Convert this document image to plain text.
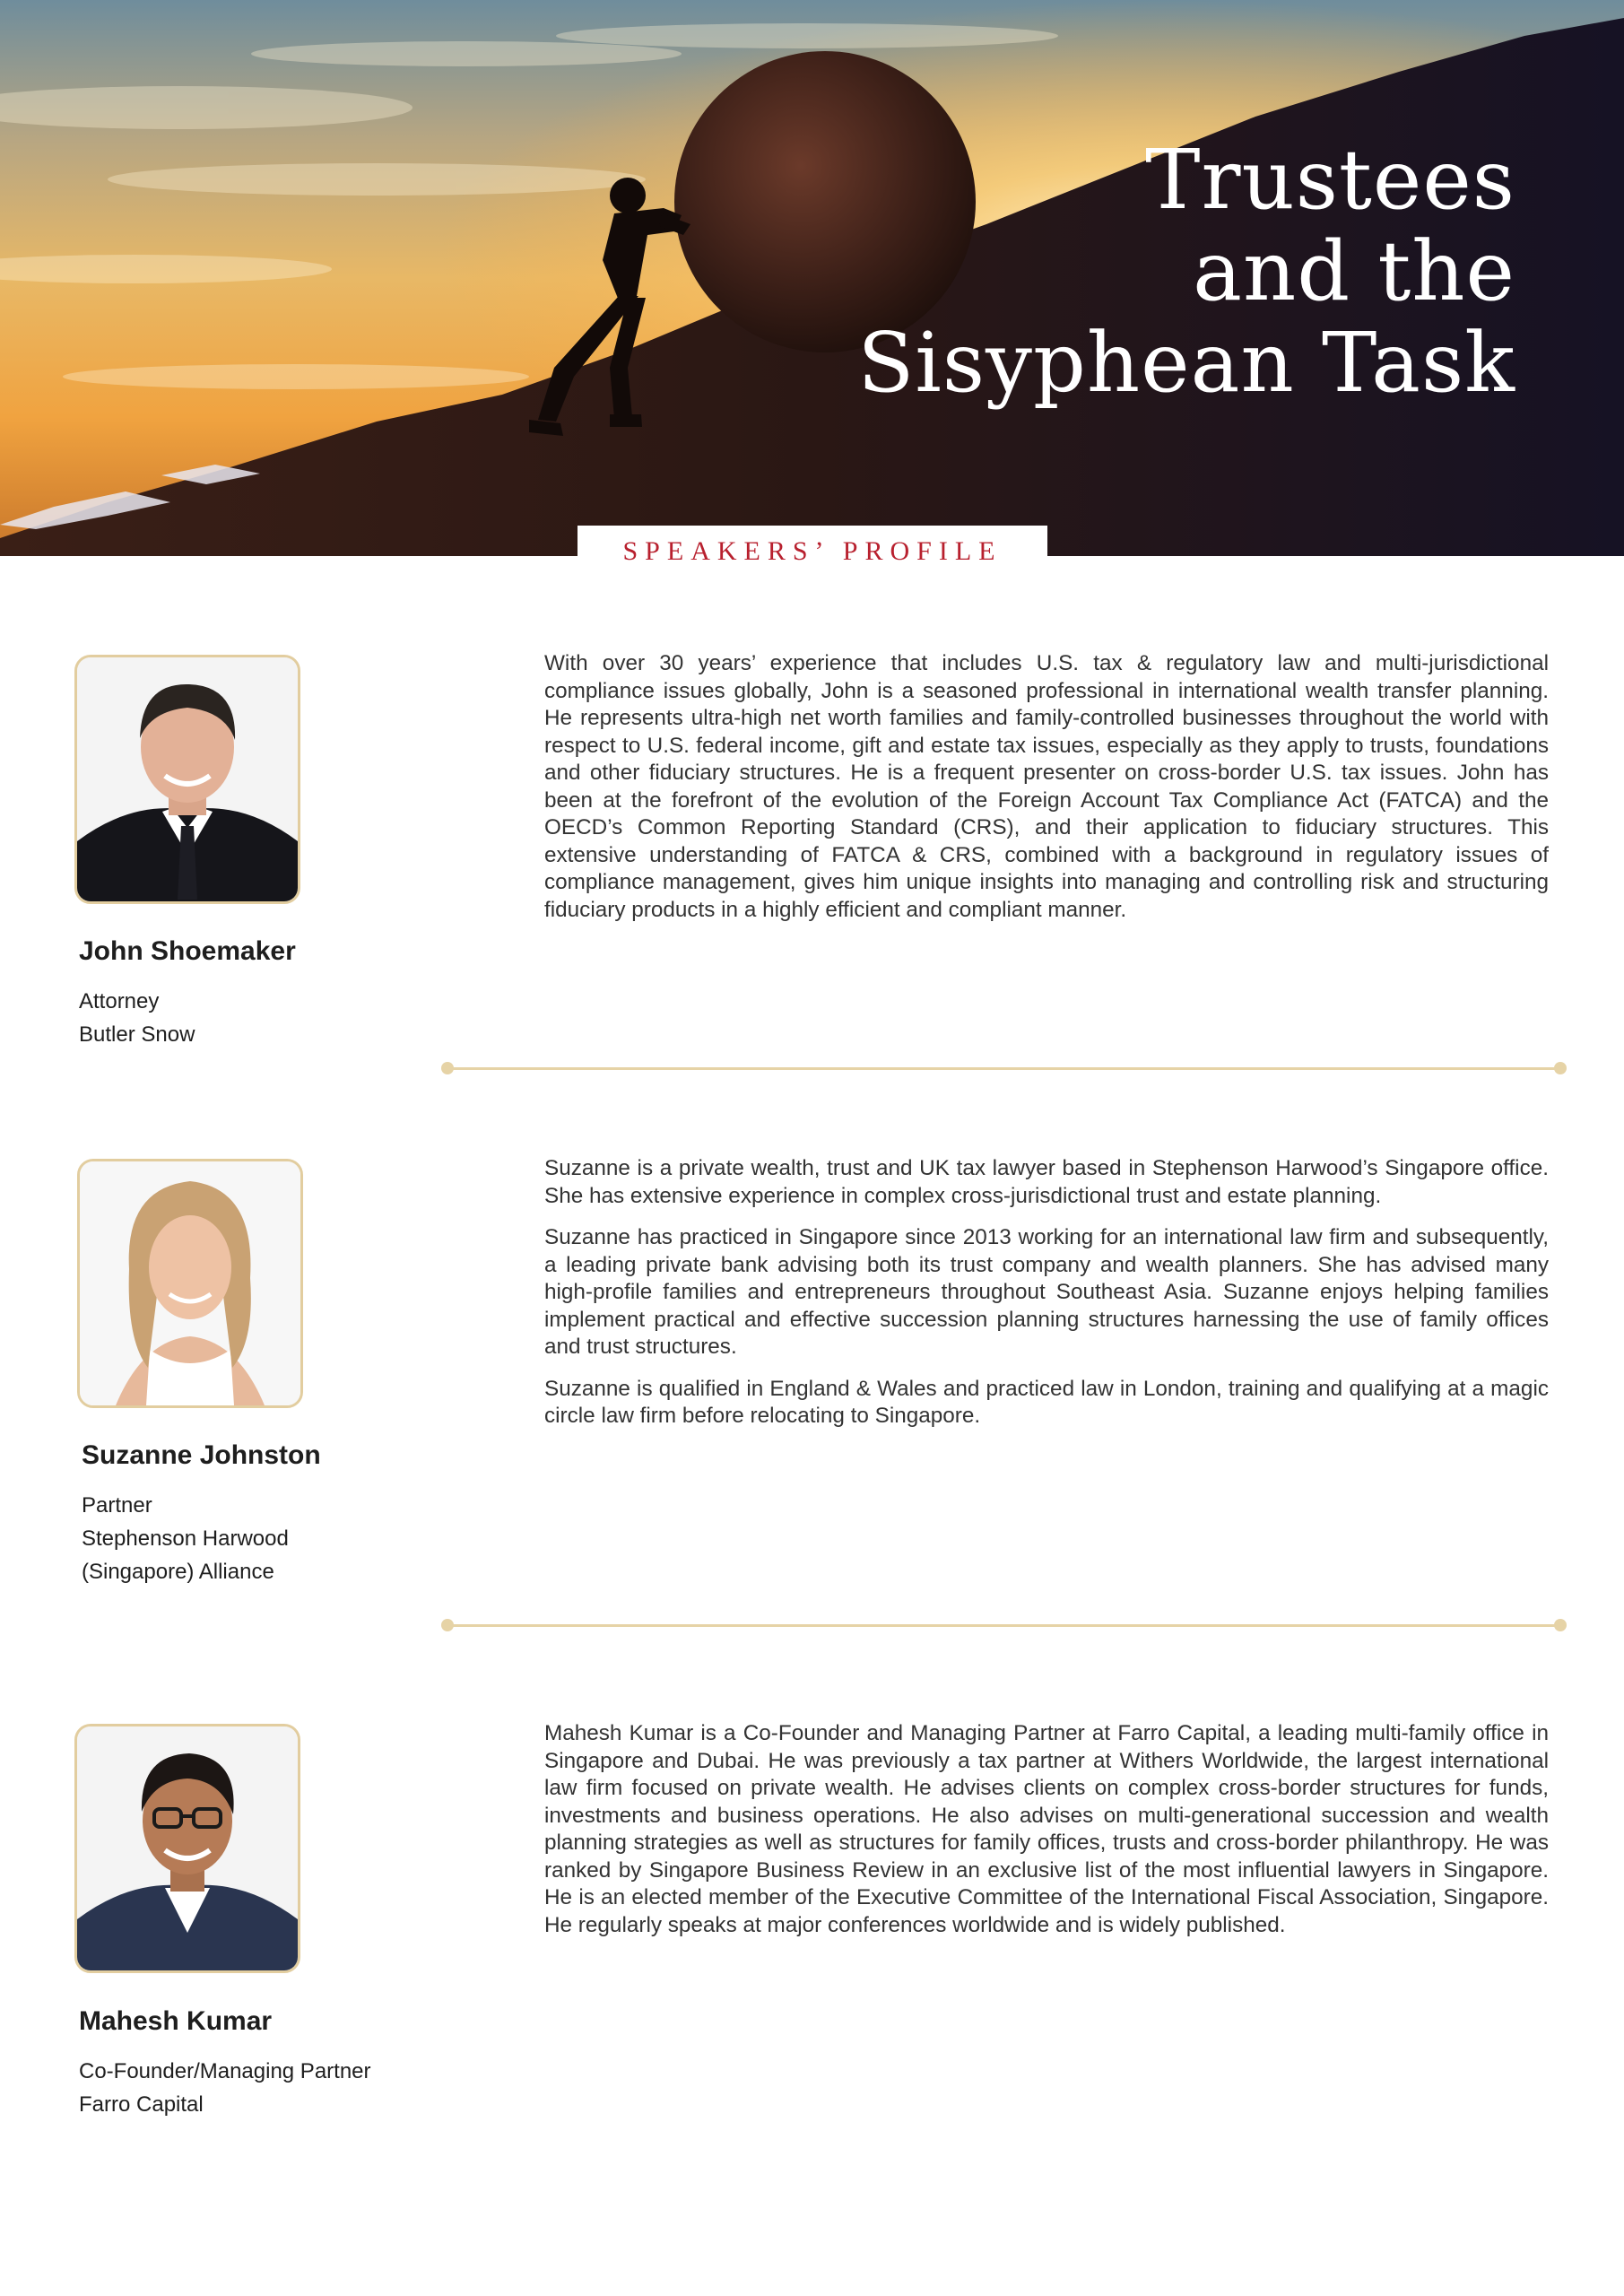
Trustees
and the
Sisyphean Task
SPEAKERS’ PROFILE
John Shoemaker
Attorney
Butler Snow

With over 30 years’ experience that includes U.S. tax & regulatory law and multi-jurisdictional compliance issues globally, John is a seasoned professional in international wealth transfer planning. He represents ultra-high net worth families and family-controlled businesses throughout the world with respect to U.S. federal income, gift and estate tax issues, especially as they apply to trusts, foundations and other fiduciary structures. He is a frequent presenter on cross-border U.S. tax issues. John has been at the forefront of the evolution of the Foreign Account Tax Compliance Act (FATCA) and the OECD’s Common Reporting Standard (CRS), and their application to fiduciary structures. This extensive understanding of FATCA & CRS, combined with a background in regulatory issues of compliance management, gives him unique insights into managing and controlling risk and structuring fiduciary products in a highly efficient and compliant manner.

Suzanne Johnston
Partner
Stephenson Harwood
(Singapore) Alliance

Suzanne is a private wealth, trust and UK tax lawyer based in Stephenson Harwood’s Singapore office. She has extensive experience in complex cross-jurisdictional trust and estate planning.

Suzanne has practiced in Singapore since 2013 working for an international law firm and subsequently, a leading private bank advising both its trust company and wealth planners. She has advised many high-profile families and entrepreneurs throughout Southeast Asia. Suzanne enjoys helping families implement practical and effective succession planning structures harnessing the use of family offices and trust structures.

Suzanne is qualified in England & Wales and practiced law in London, training and qualifying at a magic circle law firm before relocating to Singapore.

Mahesh Kumar
Co-Founder/Managing Partner
Farro Capital

Mahesh Kumar is a Co-Founder and Managing Partner at Farro Capital, a leading multi-family office in Singapore and Dubai. He was previously a tax partner at Withers Worldwide, the largest international law firm focused on private wealth. He advises clients on complex cross-border structures for funds, investments and business operations. He also advises on multi-generational succession and wealth planning strategies as well as structures for family offices, trusts and cross-border philanthropy. He was ranked by Singapore Business Review in an exclusive list of the most influential lawyers in Singapore. He is an elected member of the Executive Committee of the International Fiscal Association, Singapore. He regularly speaks at major conferences worldwide and is widely published.
